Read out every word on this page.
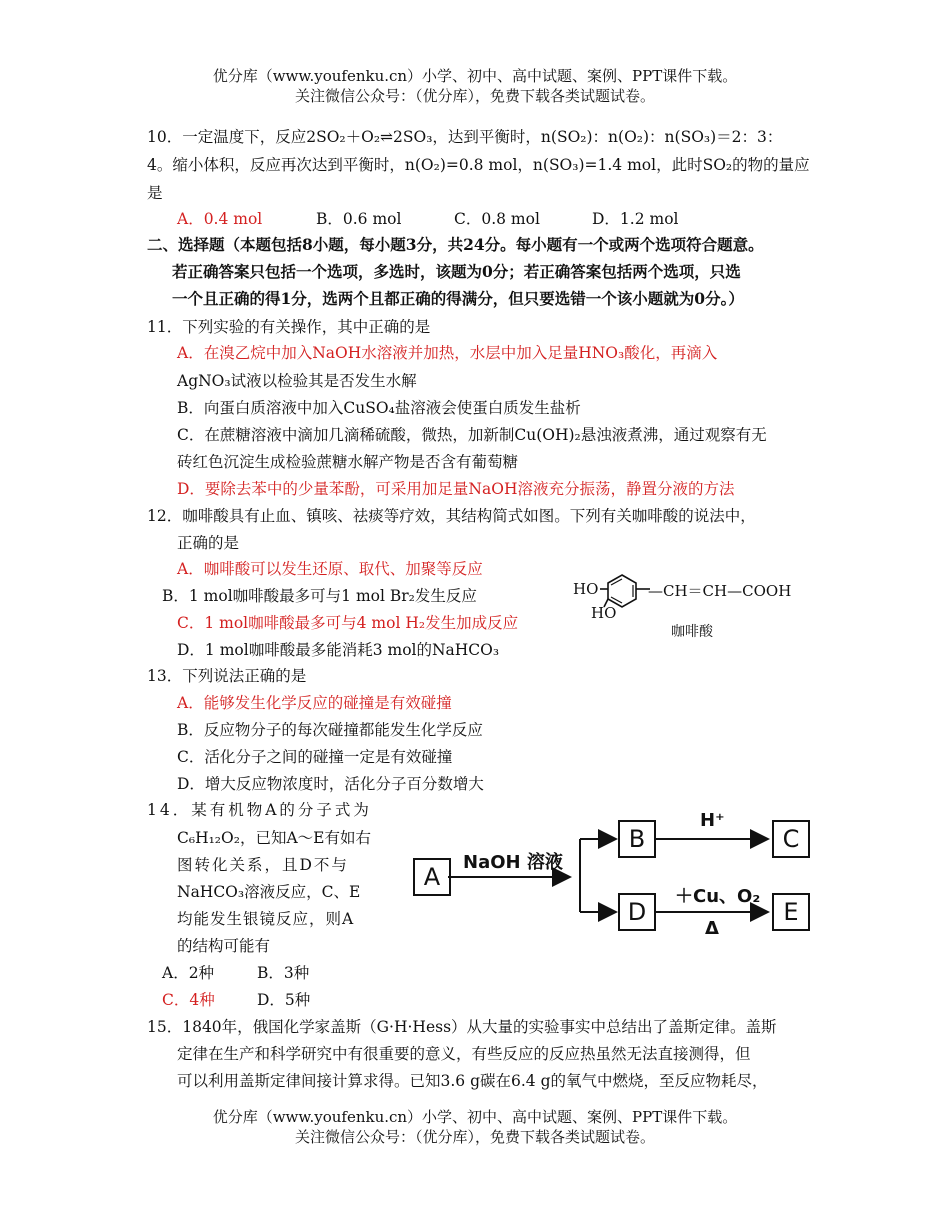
优分库（www.youfenku.cn）小学、初中、高中试题、案例、PPT课件下载。
关注微信公众号：（优分库），免费下载各类试题试卷。
10．一定温度下，反应2SO₂＋O₂⇌2SO₃，达到平衡时，n(SO₂)：n(O₂)：n(SO₃)＝2：3：
4。缩小体积，反应再次达到平衡时，n(O₂)=0.8 mol，n(SO₃)=1.4 mol，此时SO₂的物的量应
是
A．0.4 mol	B．0.6 mol	C．0.8 mol	D．1.2 mol
二、选择题（本题包括8小题，每小题3分，共24分。每小题有一个或两个选项符合题意。
若正确答案只包括一个选项，多选时，该题为0分；若正确答案包括两个选项，只选
一个且正确的得1分，选两个且都正确的得满分，但只要选错一个该小题就为0分。）
11．下列实验的有关操作，其中正确的是
A．在溴乙烷中加入NaOH水溶液并加热，水层中加入足量HNO₃酸化，再滴入
AgNO₃试液以检验其是否发生水解
B．向蛋白质溶液中加入CuSO₄盐溶液会使蛋白质发生盐析
C．在蔗糖溶液中滴加几滴稀硫酸，微热，加新制Cu(OH)₂悬浊液煮沸，通过观察有无
砖红色沉淀生成检验蔗糖水解产物是否含有葡萄糖
D．要除去苯中的少量苯酚，可采用加足量NaOH溶液充分振荡，静置分液的方法
12．咖啡酸具有止血、镇咳、祛痰等疗效，其结构简式如图。下列有关咖啡酸的说法中，
正确的是
A．咖啡酸可以发生还原、取代、加聚等反应
B．1 mol咖啡酸最多可与1 mol Br₂发生反应
C．1 mol咖啡酸最多可与4 mol H₂发生加成反应
D．1 mol咖啡酸最多能消耗3 mol的NaHCO₃
HO
HO
—CH＝CH—COOH
咖啡酸
13．下列说法正确的是
A．能够发生化学反应的碰撞是有效碰撞
B．反应物分子的每次碰撞都能发生化学反应
C．活化分子之间的碰撞一定是有效碰撞
D．增大反应物浓度时，活化分子百分数增大
14．某有机物A的分子式为
C₆H₁₂O₂，已知A～E有如右
图转化关系，且D不与
NaHCO₃溶液反应，C、E
均能发生银镜反应，则A
的结构可能有
A．2种	B．3种
C．4种	D．5种
A
B	C
D	E
NaOH 溶液
H⁺
＋Cu、O₂
Δ
15．1840年，俄国化学家盖斯（G·H·Hess）从大量的实验事实中总结出了盖斯定律。盖斯
定律在生产和科学研究中有很重要的意义，有些反应的反应热虽然无法直接测得，但
可以利用盖斯定律间接计算求得。已知3.6 g碳在6.4 g的氧气中燃烧，至反应物耗尽，
优分库（www.youfenku.cn）小学、初中、高中试题、案例、PPT课件下载。
关注微信公众号：（优分库），免费下载各类试题试卷。
